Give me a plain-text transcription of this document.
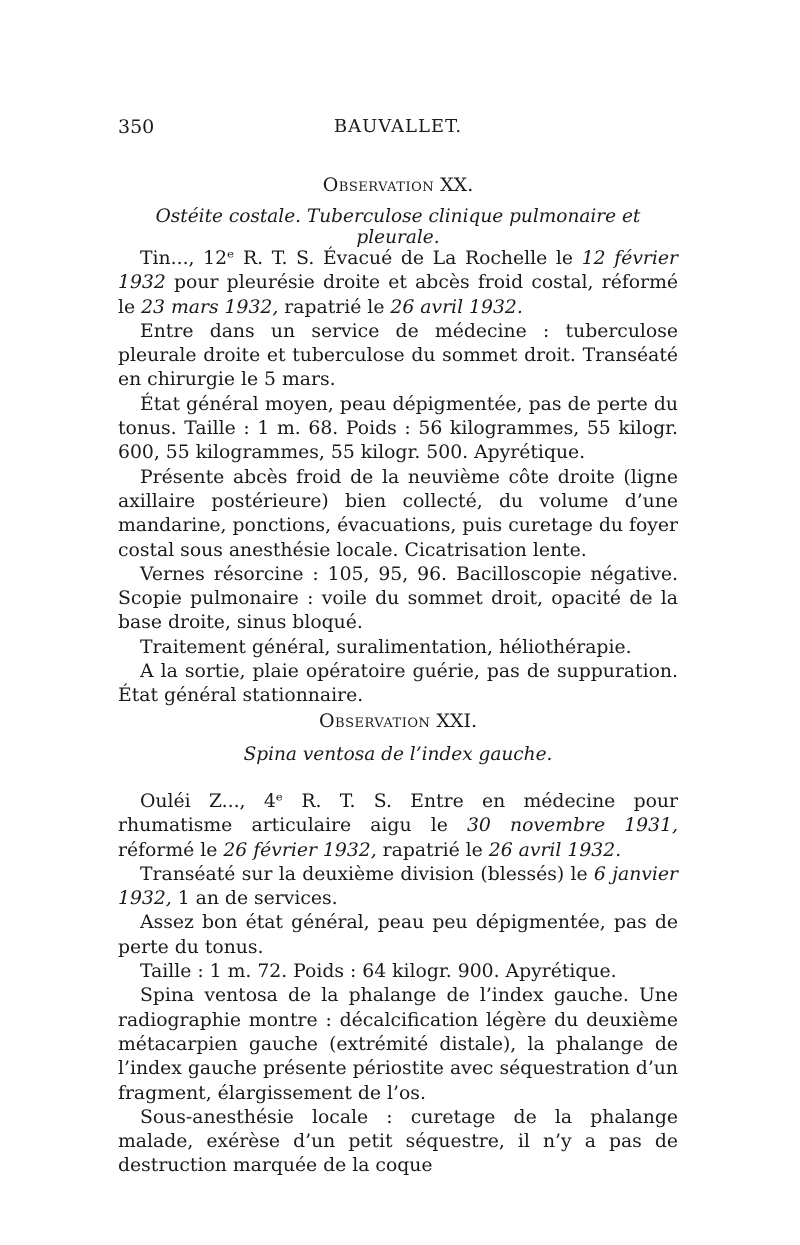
350	BAUVALLET.
Observation XX.
Ostéite costale. Tuberculose clinique pulmonaire et pleurale.

Tin..., 12ᵉ R. T. S. Évacué de La Rochelle le 12 février 1932 pour pleurésie droite et abcès froid costal, réformé le 23 mars 1932, rapatrié le 26 avril 1932.

Entre dans un service de médecine : tuberculose pleurale droite et tuberculose du sommet droit. Transéaté en chirurgie le 5 mars.

État général moyen, peau dépigmentée, pas de perte du tonus. Taille : 1 m. 68. Poids : 56 kilogrammes, 55 kilogr. 600, 55 kilogrammes, 55 kilogr. 500. Apyrétique.

Présente abcès froid de la neuvième côte droite (ligne axillaire postérieure) bien collecté, du volume d’une mandarine, ponctions, évacuations, puis curetage du foyer costal sous anesthésie locale. Cicatrisation lente.

Vernes résorcine : 105, 95, 96. Bacilloscopie négative. Scopie pulmonaire : voile du sommet droit, opacité de la base droite, sinus bloqué.

Traitement général, suralimentation, héliothérapie.

A la sortie, plaie opératoire guérie, pas de suppuration. État général stationnaire.

Observation XXI.
Spina ventosa de l’index gauche.

Ouléi Z..., 4ᵉ R. T. S. Entre en médecine pour rhumatisme articulaire aigu le 30 novembre 1931, réformé le 26 février 1932, rapatrié le 26 avril 1932.

Transéaté sur la deuxième division (blessés) le 6 janvier 1932, 1 an de services.

Assez bon état général, peau peu dépigmentée, pas de perte du tonus.

Taille : 1 m. 72. Poids : 64 kilogr. 900. Apyrétique.

Spina ventosa de la phalange de l’index gauche. Une radiographie montre : décalcification légère du deuxième métacarpien gauche (extrémité distale), la phalange de l’index gauche présente périostite avec séquestration d’un fragment, élargissement de l’os.

Sous-anesthésie locale : curetage de la phalange malade, exérèse d’un petit séquestre, il n’y a pas de destruction marquée de la coque
